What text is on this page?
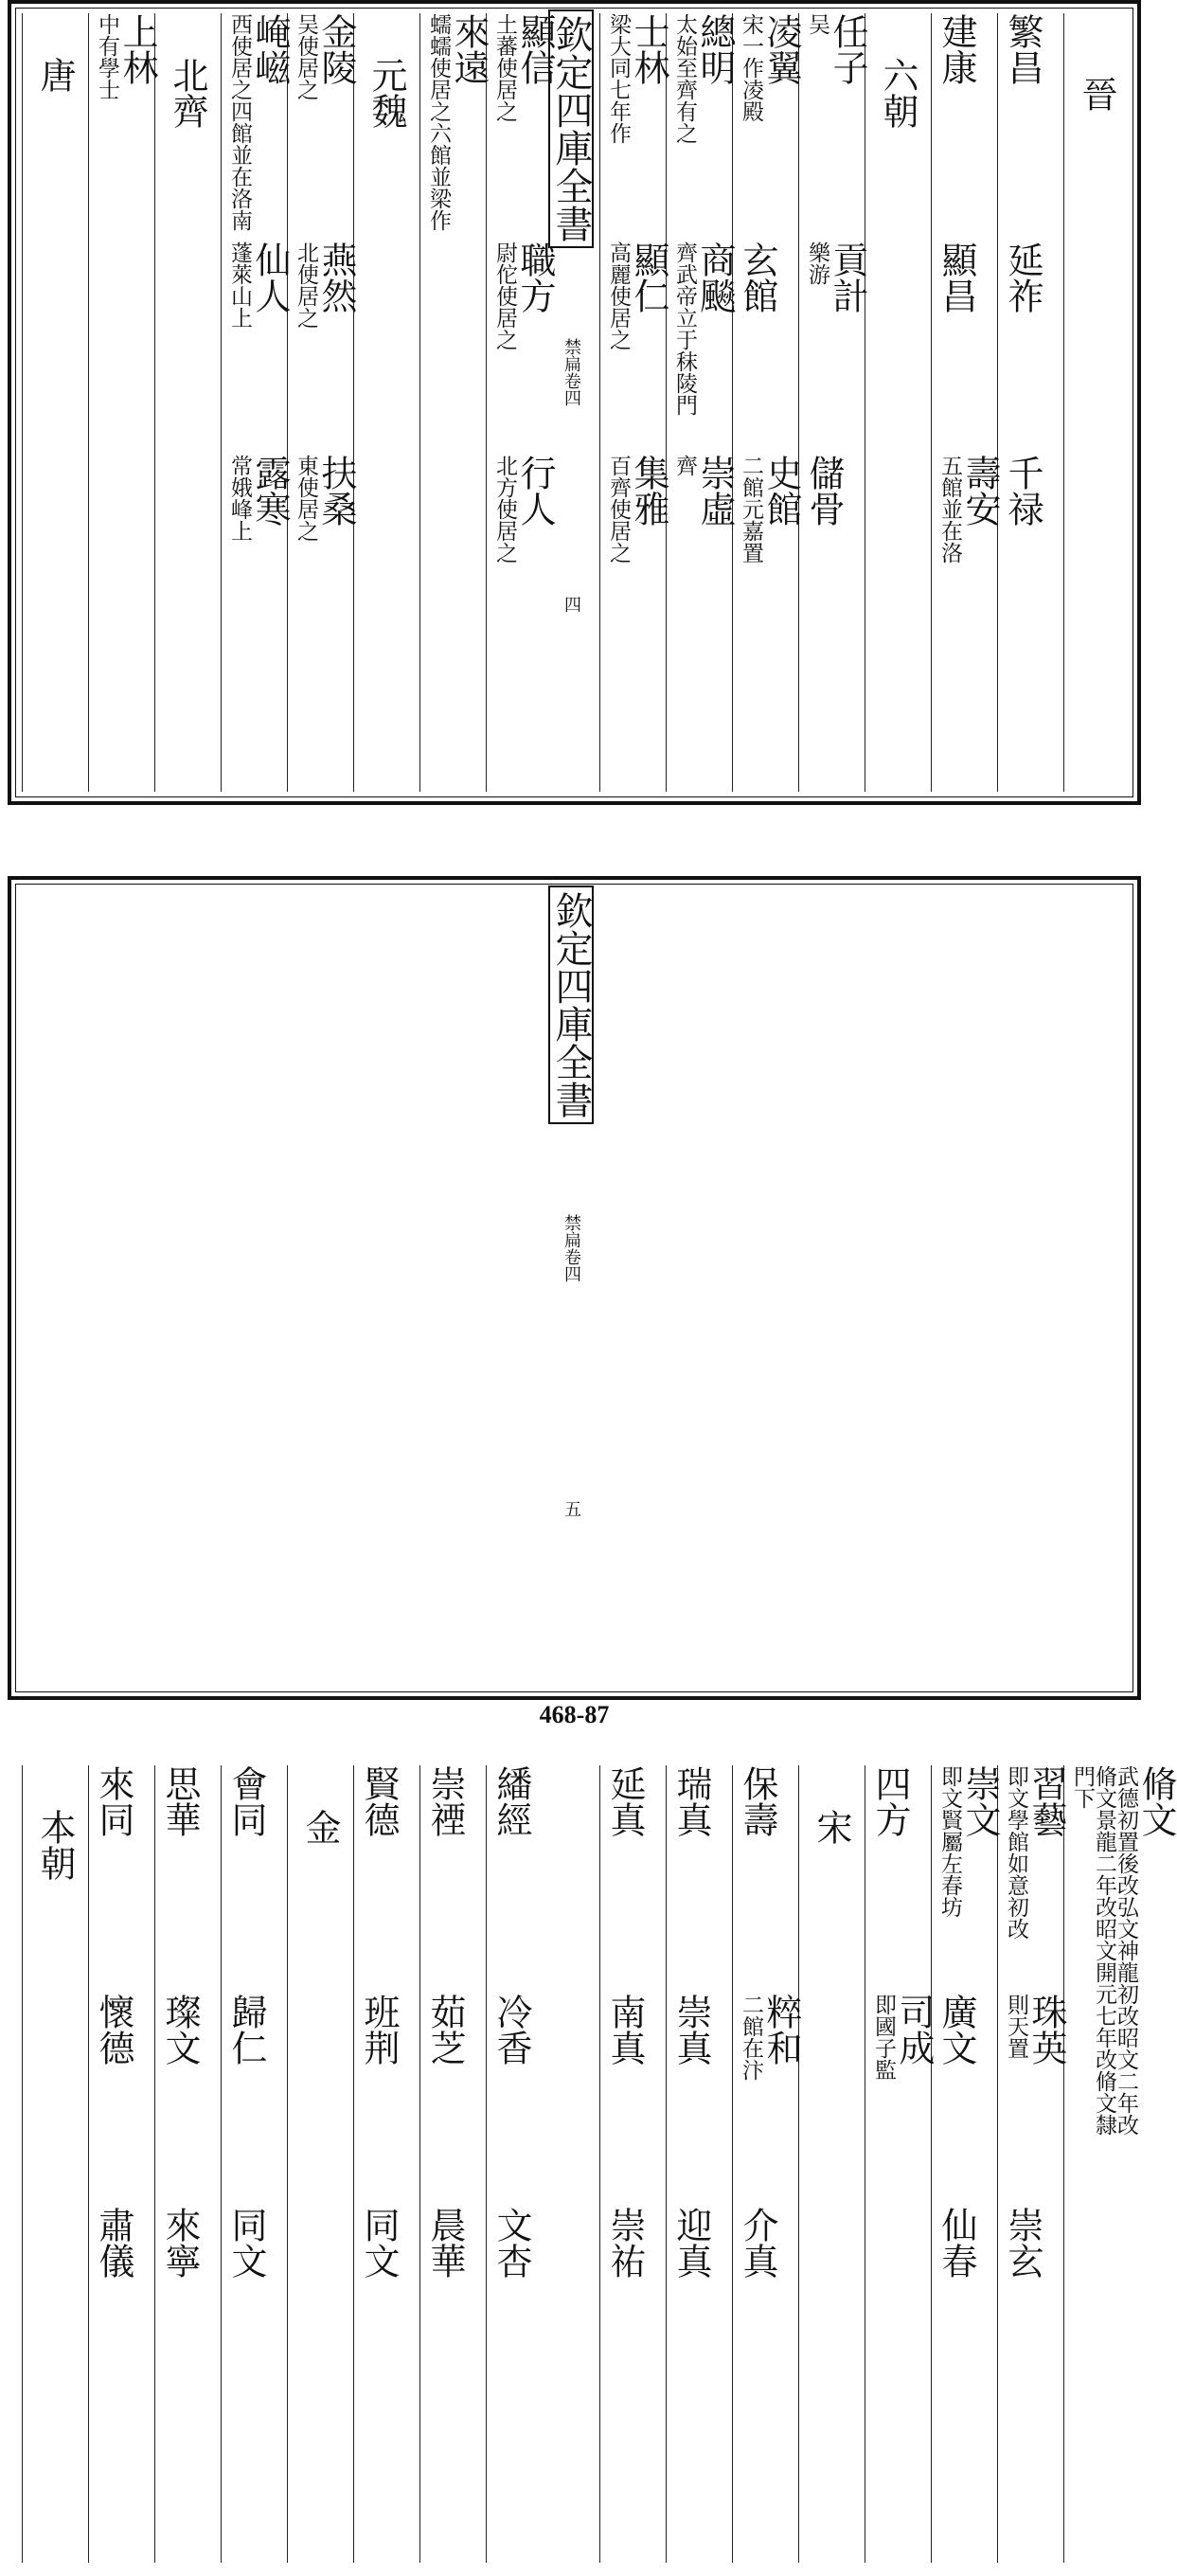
晉
繁昌
延祚
千禄
建康
顯昌
壽安
五館並在洛
六朝
任子
吴
貢計
樂游
儲骨
凌翼
宋一作凌殿
玄館
史館
二館元嘉置
總明
太始至齊有之
商飈
齊武帝立于秣陵門
崇虛
齊
士林
梁大同七年作
顯仁
高麗使居之
集雅
百齊使居之
顯信
土蕃使居之
職方
尉佗使居之
行人
北方使居之
來遠
蠕蠕使居之六館並梁作
元魏
金陵
吴使居之
燕然
北使居之
扶桑
東使居之
崦嵫
西使居之四館並在洛南
仙人
蓬萊山上
露寒
常娥峰上
北齊
上林
中有學士
唐	欽定四庫全書
禁扁
卷四
四
脩文
武德初置後改弘文神龍初改昭文二年改脩文景龍二年改昭文開元七年改脩文隸門下
習藝
即文學館如意初改
珠英
則天置
崇玄
崇文
即文賢屬左春坊
廣文
仙春
四方
司成
即國子監
宋
保壽
粹和
二館在汴
介真
瑞真
崇真
迎真
延真
南真
崇祐
繙經
冷香
文杏
崇禋
茹芝
晨華
賢德
班荆
同文
金
會同
歸仁
同文
思華
璨文
來寧
來同
懷德
肅儀
本朝
欽定四庫全書
禁扁
卷四
五
468-87
